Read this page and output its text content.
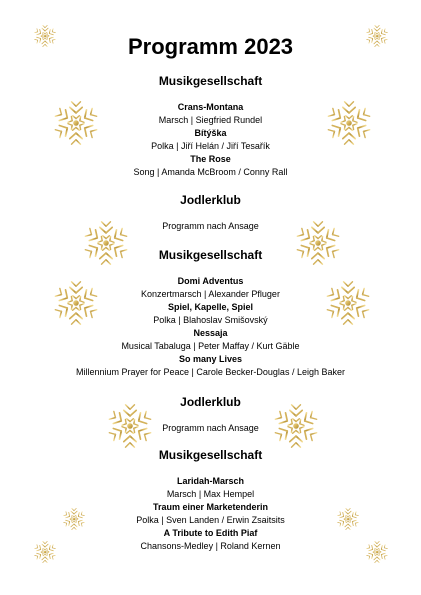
Programm 2023
Musikgesellschaft
Crans-Montana
Marsch | Siegfried Rundel
Bítýška
Polka | Jiří Helán / Jiří Tesařík
The Rose
Song | Amanda McBroom / Conny Rall
Jodlerklub
Programm nach Ansage
Musikgesellschaft
Domi Adventus
Konzertmarsch | Alexander Pfluger
Spiel, Kapelle, Spiel
Polka | Blahoslav Smišovský
Nessaja
Musical Tabaluga | Peter Maffay / Kurt Gäble
So many Lives
Millennium Prayer for Peace | Carole Becker-Douglas / Leigh Baker
Jodlerklub
Programm nach Ansage
Musikgesellschaft
Laridah-Marsch
Marsch | Max Hempel
Traum einer Marketenderin
Polka | Sven Landen / Erwin Zsaitsits
A Tribute to Edith Piaf
Chansons-Medley | Roland Kernen
